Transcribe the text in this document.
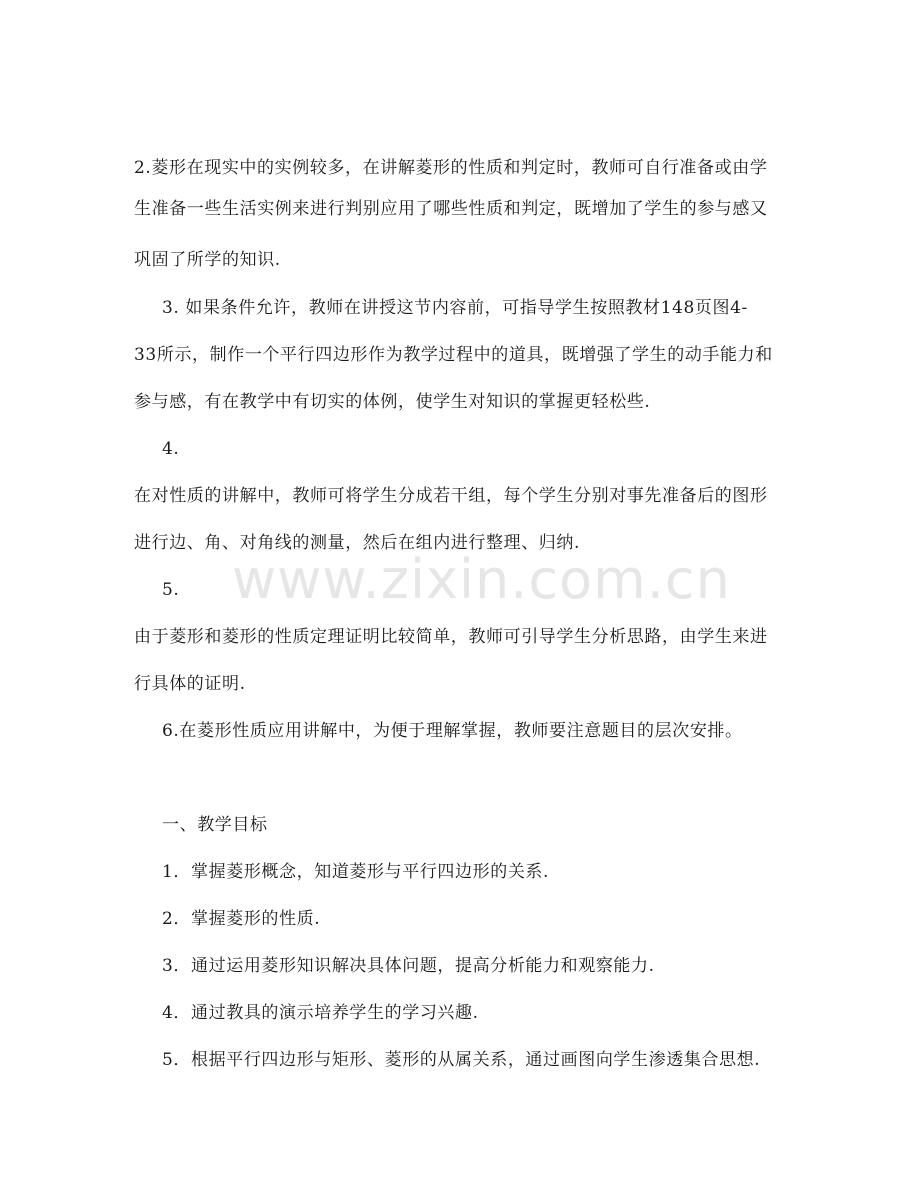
2.菱形在现实中的实例较多，在讲解菱形的性质和判定时，教师可自行准备或由学
生准备一些生活实例来进行判别应用了哪些性质和判定，既增加了学生的参与感又
巩固了所学的知识.
3. 如果条件允许，教师在讲授这节内容前，可指导学生按照教材148页图4-
33所示，制作一个平行四边形作为教学过程中的道具，既增强了学生的动手能力和
参与感，有在教学中有切实的体例，使学生对知识的掌握更轻松些.
4.
在对性质的讲解中，教师可将学生分成若干组，每个学生分别对事先准备后的图形
进行边、角、对角线的测量，然后在组内进行整理、归纳.
5.
由于菱形和菱形的性质定理证明比较简单，教师可引导学生分析思路，由学生来进
行具体的证明.
6.在菱形性质应用讲解中，为便于理解掌握，教师要注意题目的层次安排。
一、教学目标
1．掌握菱形概念，知道菱形与平行四边形的关系.
2．掌握菱形的性质.
3．通过运用菱形知识解决具体问题，提高分析能力和观察能力.
4．通过教具的演示培养学生的学习兴趣.
5．根据平行四边形与矩形、菱形的从属关系，通过画图向学生渗透集合思想.
www.zixin.com.cn
